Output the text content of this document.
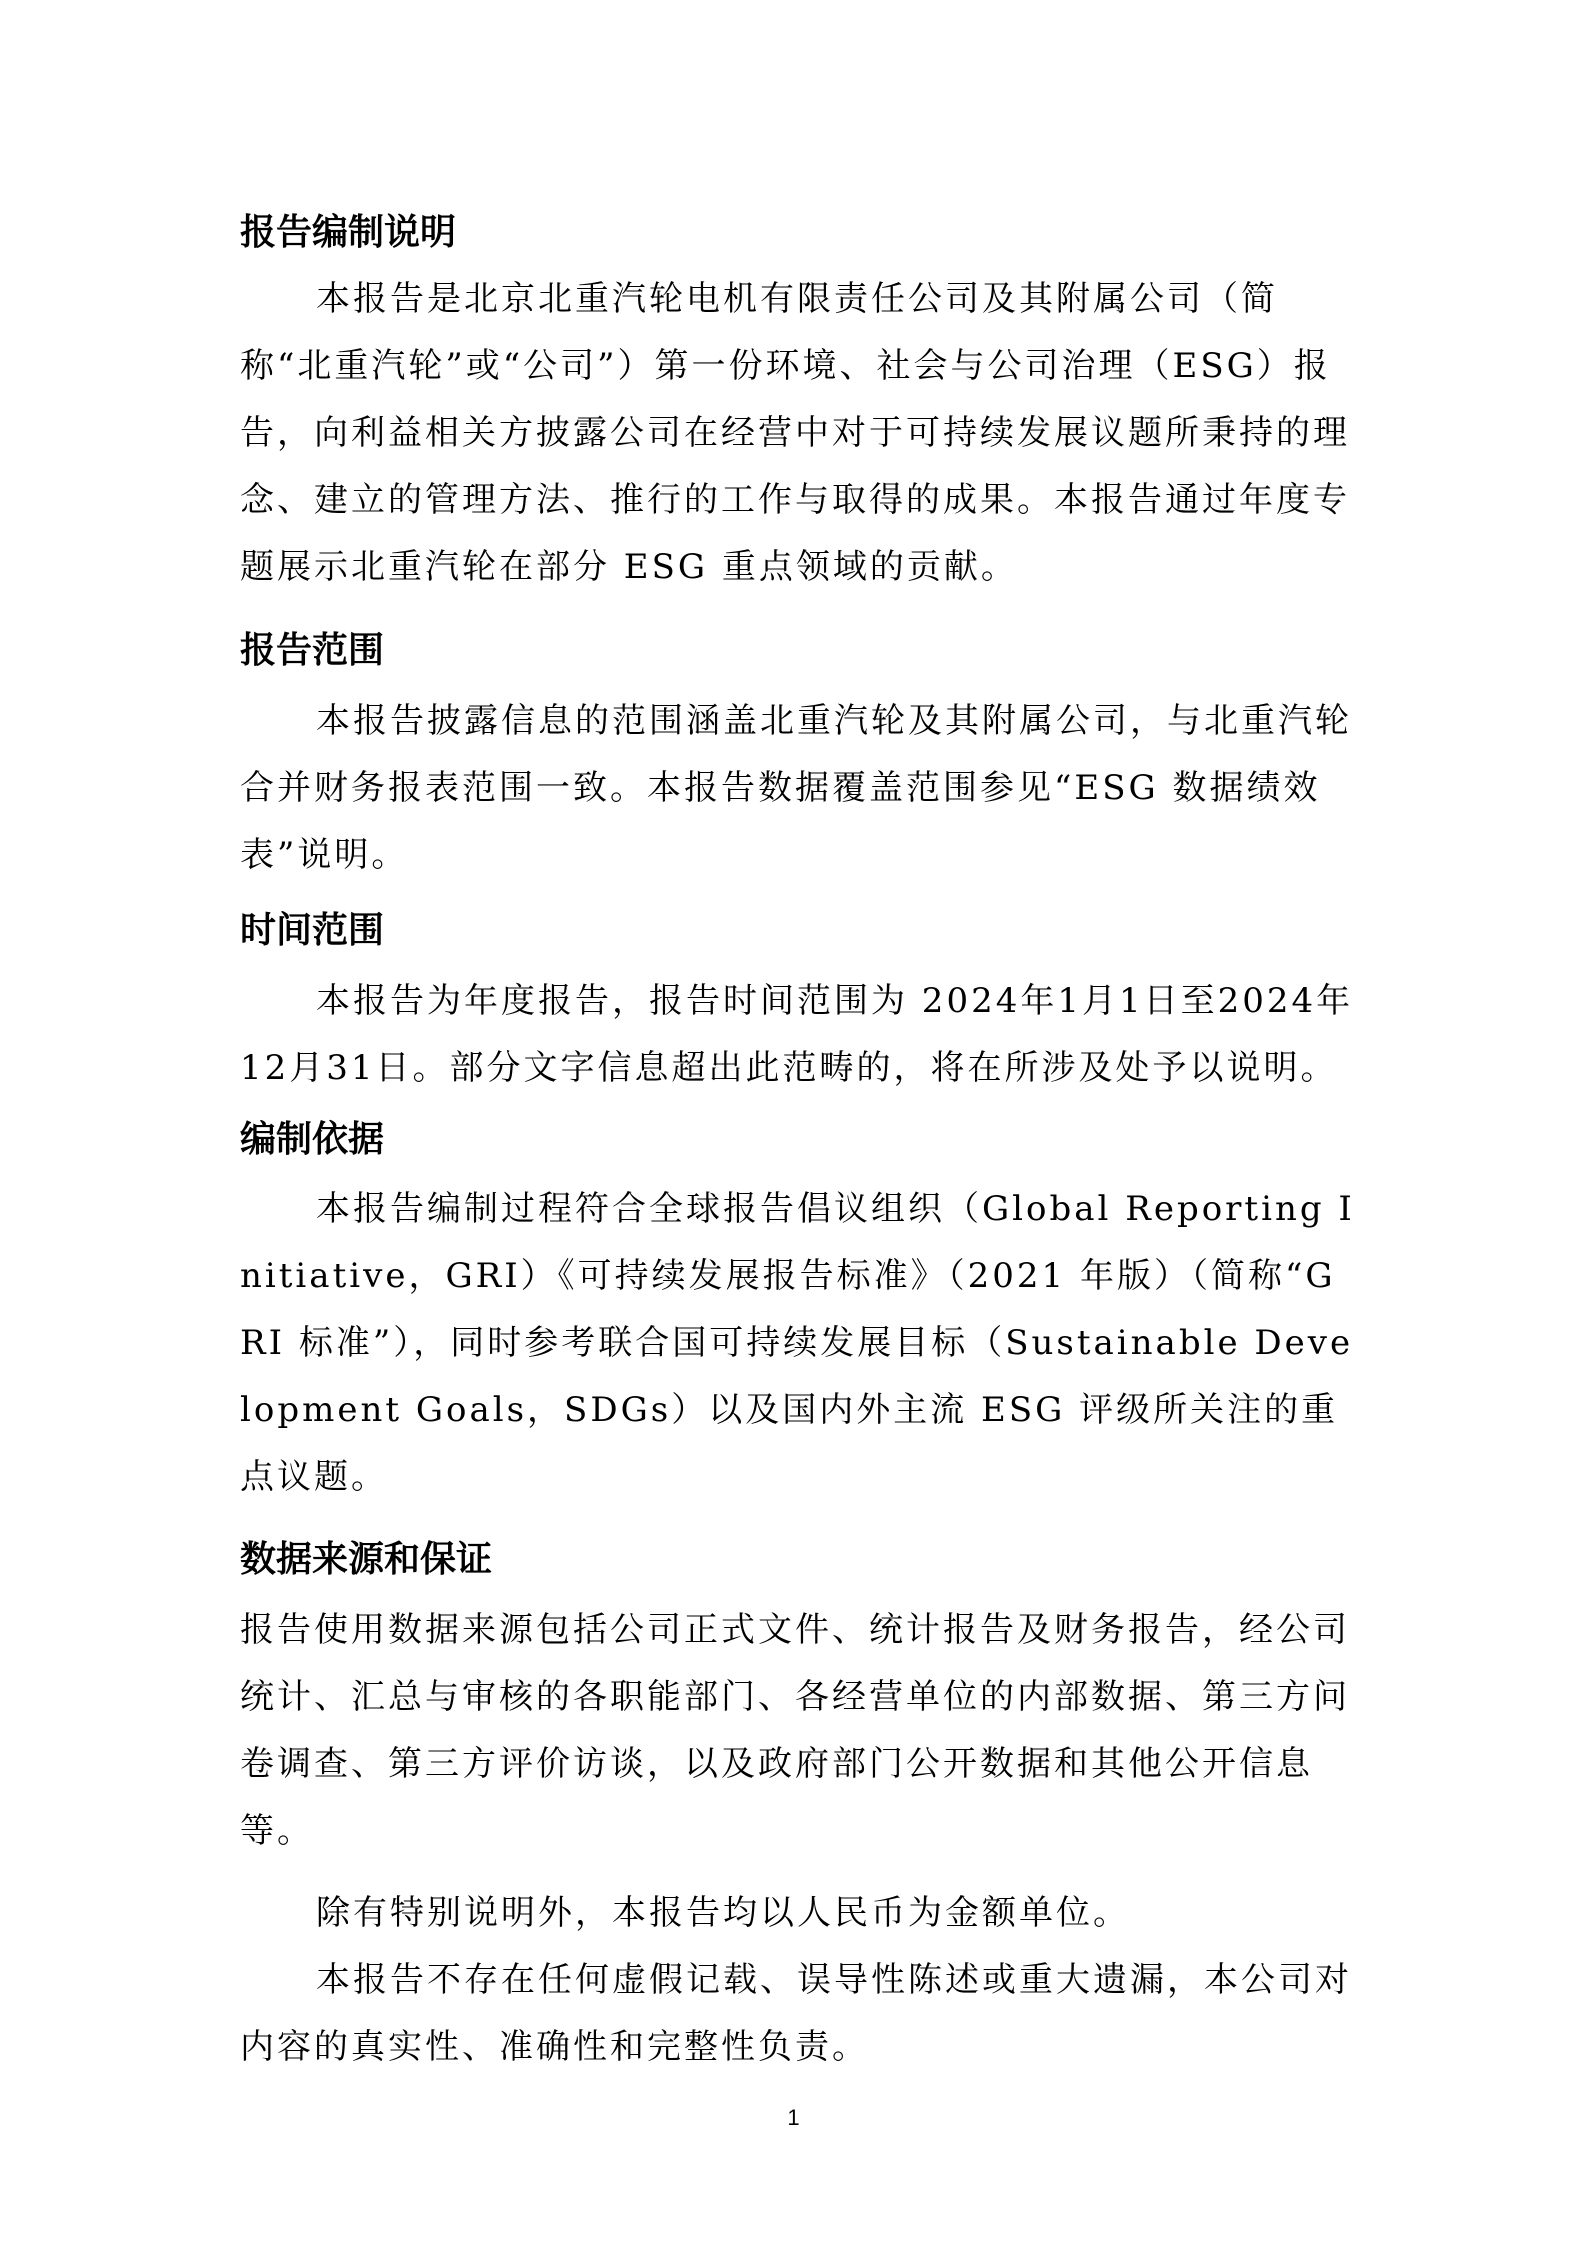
报告编制说明

本报告是北京北重汽轮电机有限责任公司及其附属公司（简称“北重汽轮”或“公司”）第一份环境、社会与公司治理（ESG）报告，向利益相关方披露公司在经营中对于可持续发展议题所秉持的理念、建立的管理方法、推行的工作与取得的成果。本报告通过年度专题展示北重汽轮在部分 ESG 重点领域的贡献。

报告范围

本报告披露信息的范围涵盖北重汽轮及其附属公司，与北重汽轮合并财务报表范围一致。本报告数据覆盖范围参见“ESG 数据绩效表”说明。

时间范围

本报告为年度报告，报告时间范围为 2024年1月1日至2024年12月31日。部分文字信息超出此范畴的，将在所涉及处予以说明。

编制依据

本报告编制过程符合全球报告倡议组织（Global Reporting Initiative，GRI）《可持续发展报告标准》（2021 年版）（简称“GRI 标准”），同时参考联合国可持续发展目标（Sustainable Development Goals，SDGs）以及国内外主流 ESG 评级所关注的重点议题。

数据来源和保证

报告使用数据来源包括公司正式文件、统计报告及财务报告，经公司统计、汇总与审核的各职能部门、各经营单位的内部数据、第三方问卷调查、第三方评价访谈，以及政府部门公开数据和其他公开信息等。

除有特别说明外，本报告均以人民币为金额单位。

本报告不存在任何虚假记载、误导性陈述或重大遗漏，本公司对内容的真实性、准确性和完整性负责。

1
